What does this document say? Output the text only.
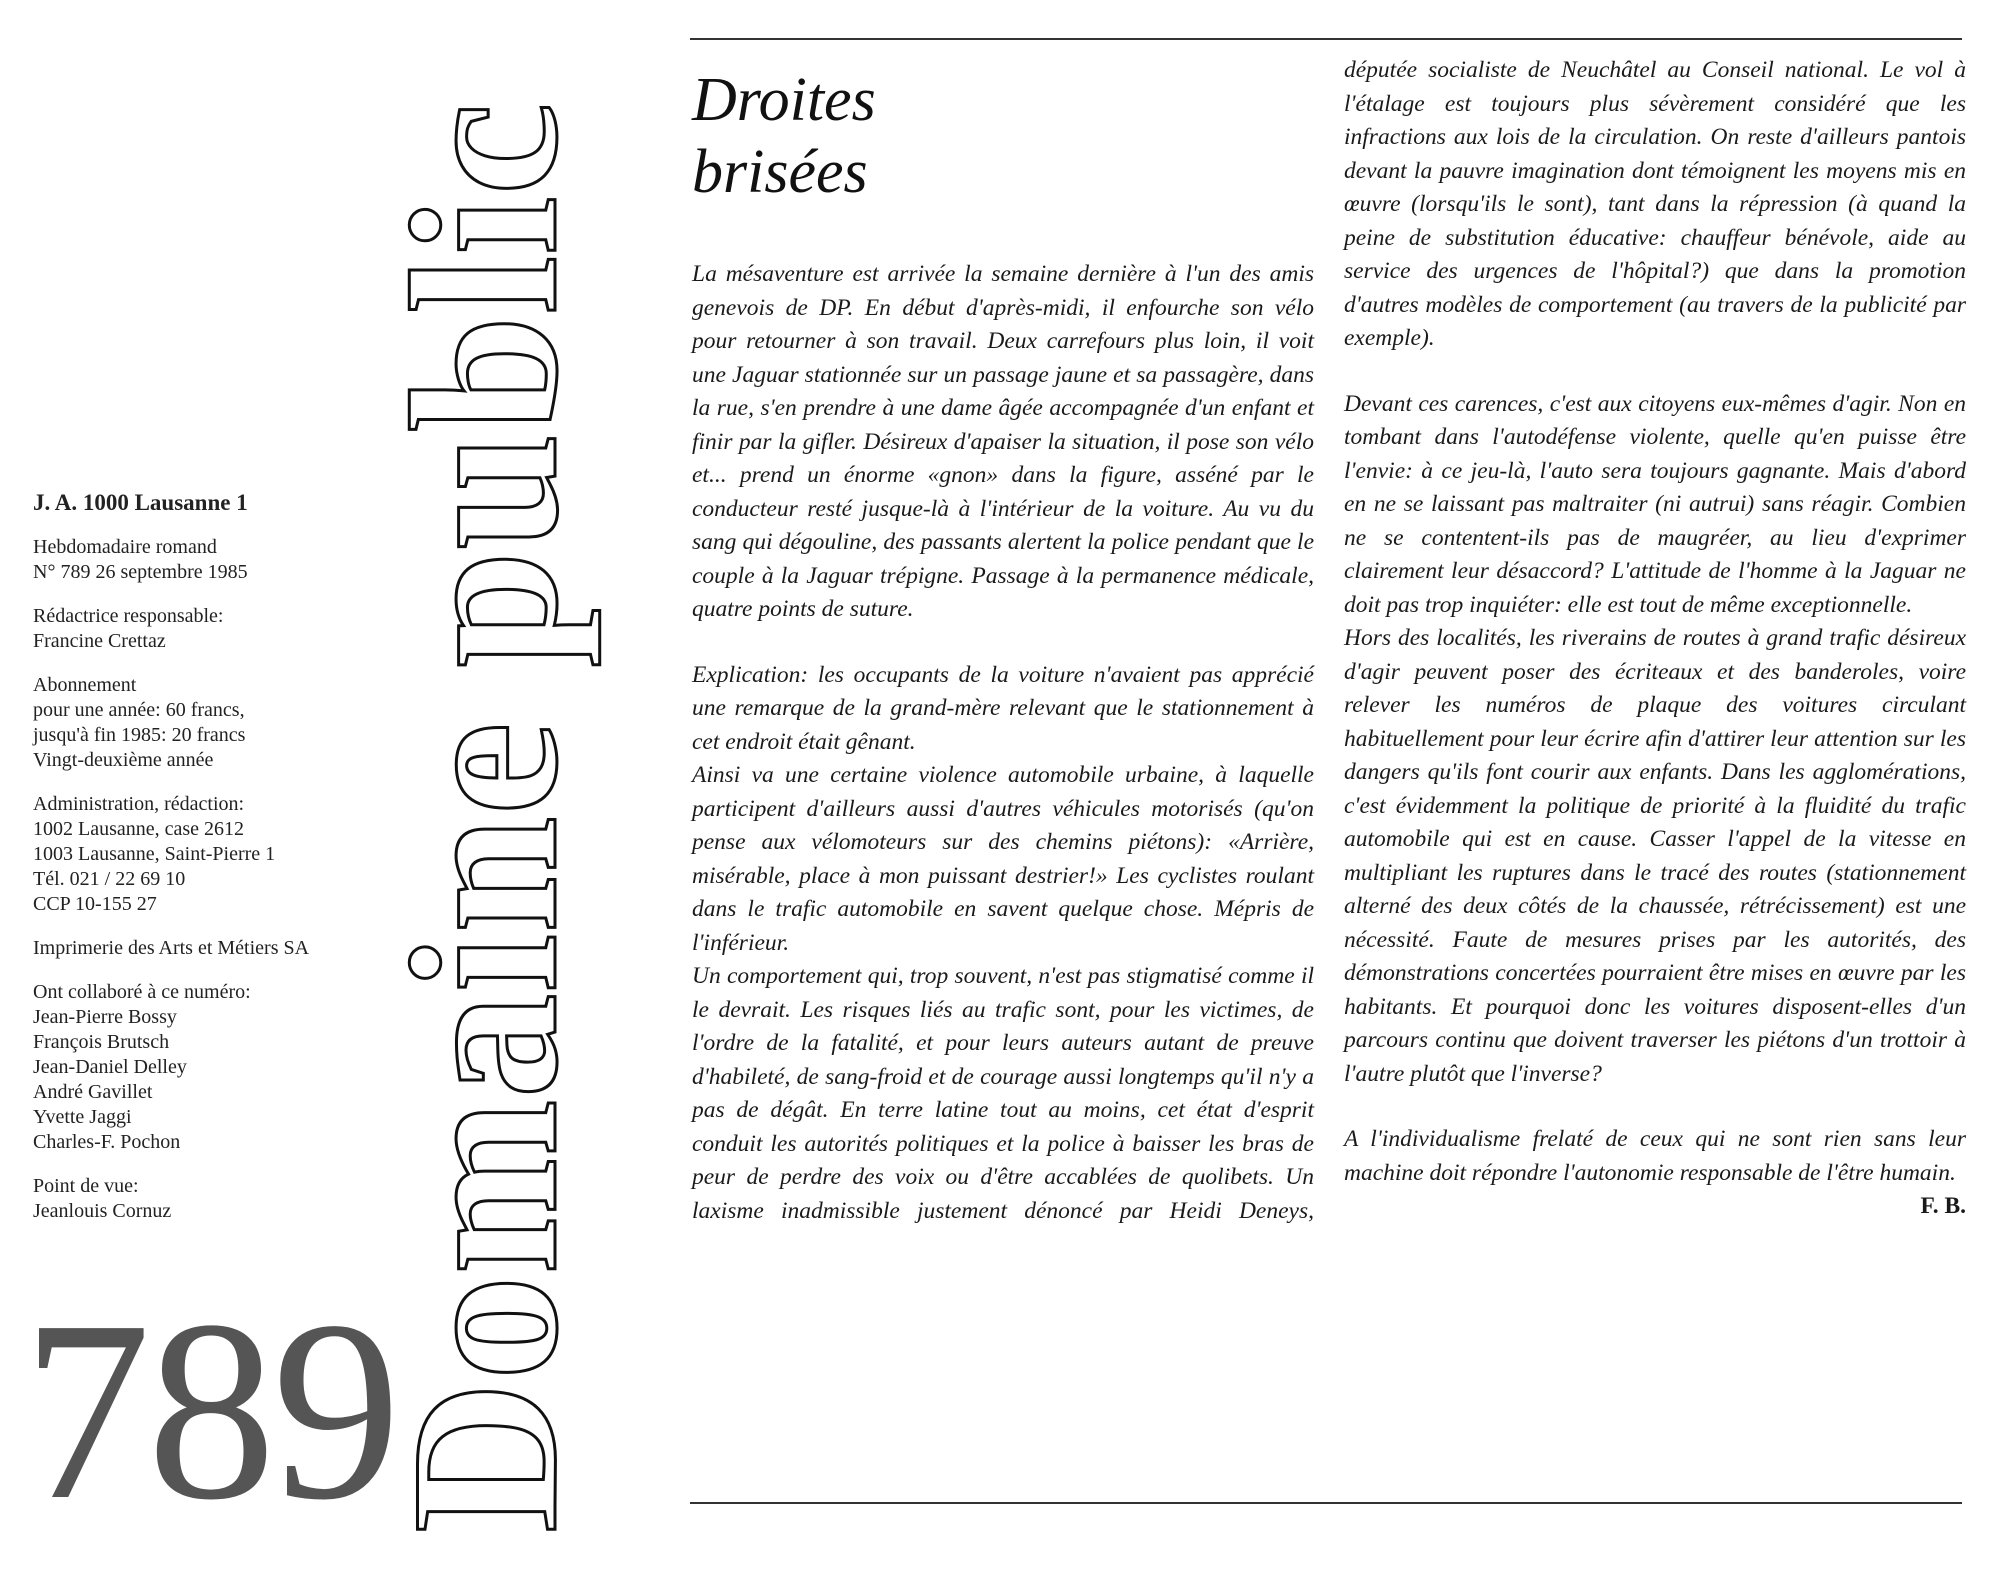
J. A. 1000 Lausanne 1
Hebdomadaire romand
N° 789 26 septembre 1985
Rédactrice responsable:
Francine Crettaz
Abonnement
pour une année: 60 francs,
jusqu'à fin 1985: 20 francs
Vingt-deuxième année
Administration, rédaction:
1002 Lausanne, case 2612
1003 Lausanne, Saint-Pierre 1
Tél. 021 / 22 69 10
CCP 10-155 27
Imprimerie des Arts et Métiers SA
Ont collaboré à ce numéro:
Jean-Pierre Bossy
François Brutsch
Jean-Daniel Delley
André Gavillet
Yvette Jaggi
Charles-F. Pochon
Point de vue:
Jeanlouis Cornuz
789
Domaine public
Droites
brisées

La mésaventure est arrivée la semaine dernière à l'un des amis genevois de DP. En début d'après-midi, il enfourche son vélo pour retourner à son travail. Deux carrefours plus loin, il voit une Jaguar stationnée sur un passage jaune et sa passagère, dans la rue, s'en prendre à une dame âgée accompagnée d'un enfant et finir par la gifler. Désireux d'apaiser la situation, il pose son vélo et... prend un énorme «gnon» dans la figure, asséné par le conducteur resté jusque-là à l'intérieur de la voiture. Au vu du sang qui dégouline, des passants alertent la police pendant que le couple à la Jaguar trépigne. Passage à la permanence médicale, quatre points de suture.

Explication: les occupants de la voiture n'avaient pas apprécié une remarque de la grand-mère relevant que le stationnement à cet endroit était gênant.

Ainsi va une certaine violence automobile urbaine, à laquelle participent d'ailleurs aussi d'autres véhicules motorisés (qu'on pense aux vélomoteurs sur des chemins piétons): «Arrière, misérable, place à mon puissant destrier!» Les cyclistes roulant dans le trafic automobile en savent quelque chose. Mépris de l'inférieur.

Un comportement qui, trop souvent, n'est pas stigmatisé comme il le devrait. Les risques liés au trafic sont, pour les victimes, de l'ordre de la fatalité, et pour leurs auteurs autant de preuve d'habileté, de sang-froid et de courage aussi longtemps qu'il n'y a pas de dégât. En terre latine tout au moins, cet état d'esprit conduit les autorités politiques et la police à baisser les bras de peur de perdre des voix ou d'être accablées de quolibets. Un laxisme inadmissible justement dénoncé par Heidi Deneys,

députée socialiste de Neuchâtel au Conseil national. Le vol à l'étalage est toujours plus sévèrement considéré que les infractions aux lois de la circulation. On reste d'ailleurs pantois devant la pauvre imagination dont témoignent les moyens mis en œuvre (lorsqu'ils le sont), tant dans la répression (à quand la peine de substitution éducative: chauffeur bénévole, aide au service des urgences de l'hôpital?) que dans la promotion d'autres modèles de comportement (au travers de la publicité par exemple).

Devant ces carences, c'est aux citoyens eux-mêmes d'agir. Non en tombant dans l'autodéfense violente, quelle qu'en puisse être l'envie: à ce jeu-là, l'auto sera toujours gagnante. Mais d'abord en ne se laissant pas maltraiter (ni autrui) sans réagir. Combien ne se contentent-ils pas de maugréer, au lieu d'exprimer clairement leur désaccord? L'attitude de l'homme à la Jaguar ne doit pas trop inquiéter: elle est tout de même exceptionnelle.

Hors des localités, les riverains de routes à grand trafic désireux d'agir peuvent poser des écriteaux et des banderoles, voire relever les numéros de plaque des voitures circulant habituellement pour leur écrire afin d'attirer leur attention sur les dangers qu'ils font courir aux enfants. Dans les agglomérations, c'est évidemment la politique de priorité à la fluidité du trafic automobile qui est en cause. Casser l'appel de la vitesse en multipliant les ruptures dans le tracé des routes (stationnement alterné des deux côtés de la chaussée, rétrécissement) est une nécessité. Faute de mesures prises par les autorités, des démonstrations concertées pourraient être mises en œuvre par les habitants. Et pourquoi donc les voitures disposent-elles d'un parcours continu que doivent traverser les piétons d'un trottoir à l'autre plutôt que l'inverse?

A l'individualisme frelaté de ceux qui ne sont rien sans leur machine doit répondre l'autonomie responsable de l'être humain.
F. B.
